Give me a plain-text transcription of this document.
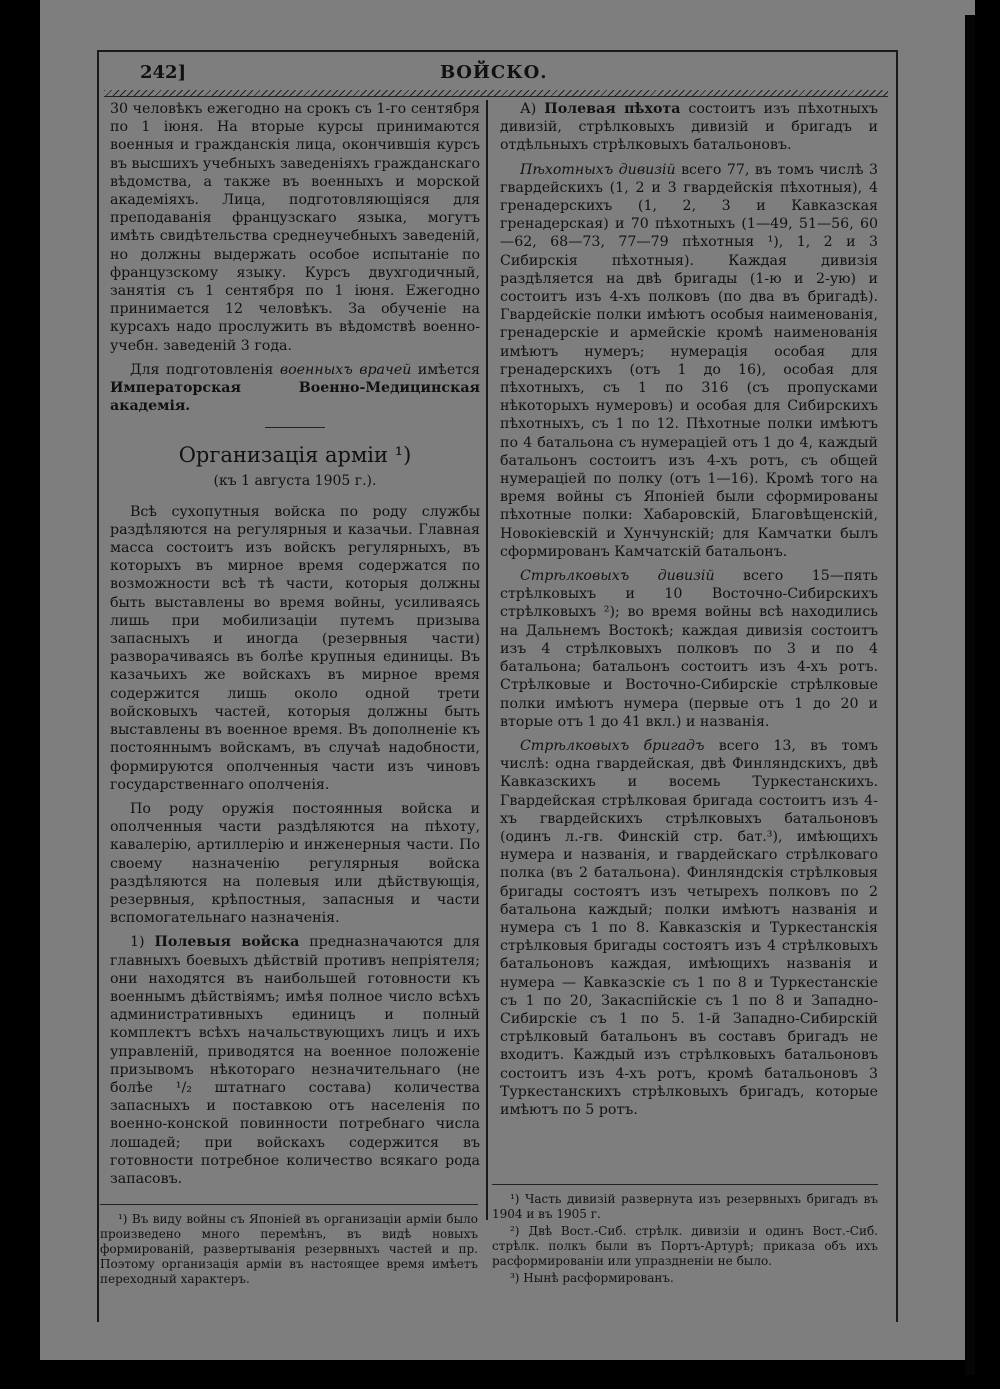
242]	ВОЙСКО.

30 человѣкъ ежегодно на срокъ съ 1-го сентября по 1 іюня. На вторые курсы принимаются военныя и гражданскія лица, окончившія курсъ въ высшихъ учебныхъ заведеніяхъ гражданскаго вѣдомства, а также въ военныхъ и морской академіяхъ. Лица, подготовляющіяся для преподаванія французскаго языка, могутъ имѣть свидѣтельства среднеучебныхъ заведеній, но должны выдержать особое испытаніе по французскому языку. Курсъ двухгодичный, занятія съ 1 сентября по 1 іюня. Ежегодно принимается 12 человѣкъ. За обученіе на курсахъ надо прослужить въ вѣдомствѣ военно-учебн. заведеній 3 года.

Для подготовленія военныхъ врачей имѣется Императорская Военно-Медицинская академія.

Организація арміи ¹)
(къ 1 августа 1905 г.).

Всѣ сухопутныя войска по роду службы раздѣляются на регулярныя и казачьи. Главная масса состоитъ изъ войскъ регулярныхъ, въ которыхъ въ мирное время содержатся по возможности всѣ тѣ части, которыя должны быть выставлены во время войны, усиливаясь лишь при мобилизаціи путемъ призыва запасныхъ и иногда (резервныя части) разворачиваясь въ болѣе крупныя единицы. Въ казачьихъ же войскахъ въ мирное время содержится лишь около одной трети войсковыхъ частей, которыя должны быть выставлены въ военное время. Въ дополненіе къ постояннымъ войскамъ, въ случаѣ надобности, формируются ополченныя части изъ чиновъ государственнаго ополченія.

По роду оружія постоянныя войска и ополченныя части раздѣляются на пѣхоту, кавалерію, артиллерію и инженерныя части. По своему назначенію регулярныя войска раздѣляются на полевыя или дѣйствующія, резервныя, крѣпостныя, запасныя и части вспомогательнаго назначенія.

1) Полевыя войска предназначаются для главныхъ боевыхъ дѣйствій противъ непріятеля; они находятся въ наибольшей готовности къ военнымъ дѣйствіямъ; имѣя полное число всѣхъ административныхъ единицъ и полный комплектъ всѣхъ начальствующихъ лицъ и ихъ управленій, приводятся на военное положеніе призывомъ нѣкотораго незначительнаго (не болѣе ¹/₂ штатнаго состава) количества запасныхъ и поставкою отъ населенія по военно-конской повинности потребнаго числа лошадей; при войскахъ содержится въ готовности потребное количество всякаго рода запасовъ.

А) Полевая пѣхота состоитъ изъ пѣхотныхъ дивизій, стрѣлковыхъ дивизій и бригадъ и отдѣльныхъ стрѣлковыхъ батальоновъ.

Пѣхотныхъ дивизій всего 77, въ томъ числѣ 3 гвардейскихъ (1, 2 и 3 гвардейскія пѣхотныя), 4 гренадерскихъ (1, 2, 3 и Кавказская гренадерская) и 70 пѣхотныхъ (1—49, 51—56, 60—62, 68—73, 77—79 пѣхотныя ¹), 1, 2 и 3 Сибирскія пѣхотныя). Каждая дивизія раздѣляется на двѣ бригады (1-ю и 2-ую) и состоитъ изъ 4-хъ полковъ (по два въ бригадѣ). Гвардейскіе полки имѣютъ особыя наименованія, гренадерскіе и армейскіе кромѣ наименованія имѣютъ нумеръ; нумерація особая для гренадерскихъ (отъ 1 до 16), особая для пѣхотныхъ, съ 1 по 316 (съ пропусками нѣкоторыхъ нумеровъ) и особая для Сибирскихъ пѣхотныхъ, съ 1 по 12. Пѣхотные полки имѣютъ по 4 батальона съ нумераціей отъ 1 до 4, каждый батальонъ состоитъ изъ 4-хъ ротъ, съ общей нумераціей по полку (отъ 1—16). Кромѣ того на время войны съ Японіей были сформированы пѣхотные полки: Хабаровскій, Благовѣщенскій, Новокіевскій и Хунчунскій; для Камчатки былъ сформированъ Камчатскій батальонъ.

Стрѣлковыхъ дивизій всего 15—пять стрѣлковыхъ и 10 Восточно-Сибирскихъ стрѣлковыхъ ²); во время войны всѣ находились на Дальнемъ Востокѣ; каждая дивизія состоитъ изъ 4 стрѣлковыхъ полковъ по 3 и по 4 батальона; батальонъ состоитъ изъ 4-хъ ротъ. Стрѣлковые и Восточно-Сибирскіе стрѣлковые полки имѣютъ нумера (первые отъ 1 до 20 и вторые отъ 1 до 41 вкл.) и названія.

Стрѣлковыхъ бригадъ всего 13, въ томъ числѣ: одна гвардейская, двѣ Финляндскихъ, двѣ Кавказскихъ и восемь Туркестанскихъ. Гвардейская стрѣлковая бригада состоитъ изъ 4-хъ гвардейскихъ стрѣлковыхъ батальоновъ (одинъ л.-гв. Финскій стр. бат.³), имѣющихъ нумера и названія, и гвардейскаго стрѣлковаго полка (въ 2 батальона). Финляндскія стрѣлковыя бригады состоятъ изъ четырехъ полковъ по 2 батальона каждый; полки имѣютъ названія и нумера съ 1 по 8. Кавказскія и Туркестанскія стрѣлковыя бригады состоятъ изъ 4 стрѣлковыхъ батальоновъ каждая, имѣющихъ названія и нумера — Кавказскіе съ 1 по 8 и Туркестанскіе съ 1 по 20, Закаспійскіе съ 1 по 8 и Западно-Сибирскіе съ 1 по 5. 1-й Западно-Сибирскій стрѣлковый батальонъ въ составъ бригадъ не входитъ. Каждый изъ стрѣлковыхъ батальоновъ состоитъ изъ 4-хъ ротъ, кромѣ батальоновъ 3 Туркестанскихъ стрѣлковыхъ бригадъ, которые имѣютъ по 5 ротъ.

¹) Въ виду войны съ Японіей въ организаціи арміи было произведено много перемѣнъ, въ видѣ новыхъ формированій, развертыванія резервныхъ частей и пр. Поэтому организація арміи въ настоящее время имѣетъ переходный характеръ.

¹) Часть дивизій развернута изъ резервныхъ бригадъ въ 1904 и въ 1905 г.

²) Двѣ Вост.-Сиб. стрѣлк. дивизіи и одинъ Вост.-Сиб. стрѣлк. полкъ были въ Портъ-Артурѣ; приказа объ ихъ расформированіи или упраздненіи не было.

³) Нынѣ расформированъ.
